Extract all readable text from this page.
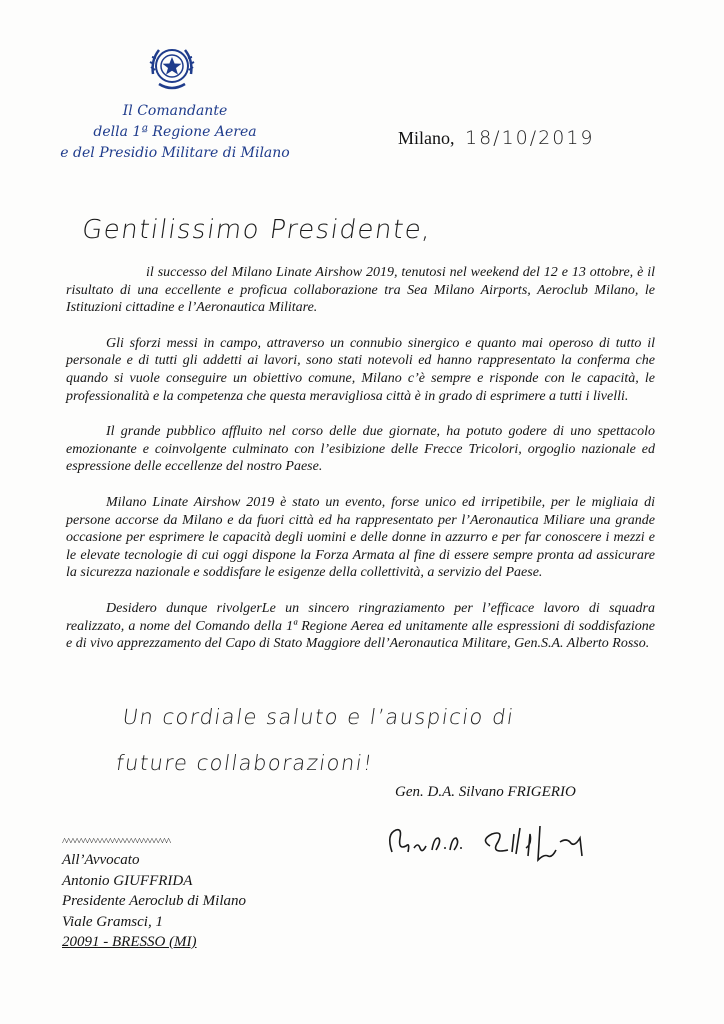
Il Comandante
della 1ª Regione Aerea
e del Presidio Militare di Milano
Milano, 18/10/2019
Gentilissimo Presidente,

il successo del Milano Linate Airshow 2019, tenutosi nel weekend del 12 e 13 ottobre, è il risultato di una eccellente e proficua collaborazione tra Sea Milano Airports, Aeroclub Milano, le Istituzioni cittadine e l’Aeronautica Militare.

Gli sforzi messi in campo, attraverso un connubio sinergico e quanto mai operoso di tutto il personale e di tutti gli addetti ai lavori, sono stati notevoli ed hanno rappresentato la conferma che quando si vuole conseguire un obiettivo comune, Milano c’è sempre e risponde con le capacità, le professionalità e la competenza che questa meravigliosa città è in grado di esprimere a tutti i livelli.

Il grande pubblico affluito nel corso delle due giornate, ha potuto godere di uno spettacolo emozionante e coinvolgente culminato con l’esibizione delle Frecce Tricolori, orgoglio nazionale ed espressione delle eccellenze del nostro Paese.

Milano Linate Airshow 2019 è stato un evento, forse unico ed irripetibile, per le migliaia di persone accorse da Milano e da fuori città ed ha rappresentato per l’Aeronautica Miliare una grande occasione per esprimere le capacità degli uomini e delle donne in azzurro e per far conoscere i mezzi e le elevate tecnologie di cui oggi dispone la Forza Armata al fine di essere sempre pronta ad assicurare la sicurezza nazionale e soddisfare le esigenze della collettività, a servizio del Paese.

Desidero dunque rivolgerLe un sincero ringraziamento per l’efficace lavoro di squadra realizzato, a nome del Comando della 1ª Regione Aerea ed unitamente alle espressioni di soddisfazione e di vivo apprezzamento del Capo di Stato Maggiore dell’Aeronautica Militare, Gen.S.A. Alberto Rosso.

Un cordiale saluto e l’auspicio di
future collaborazioni!
Gen. D.A. Silvano FRIGERIO
^^^^^^^^^^^^^^^^^^^^^^^^^^
All’Avvocato
Antonio GIUFFRIDA
Presidente Aeroclub di Milano
Viale Gramsci, 1
20091 - BRESSO (MI)
